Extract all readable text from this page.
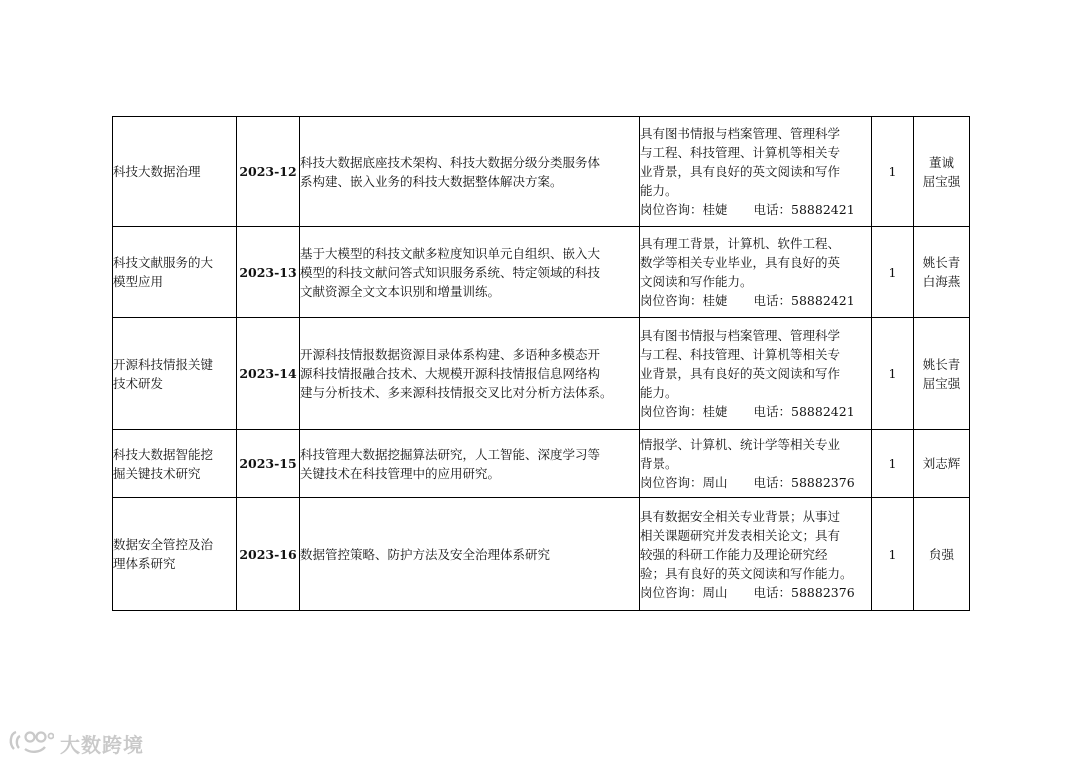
科技大数据治理	2023-12	科技大数据底座技术架构、科技大数据分级分类服务体
系构建、嵌入业务的科技大数据整体解决方案。	具有图书情报与档案管理、管理科学
与工程、科技管理、计算机等相关专
业背景，具有良好的英文阅读和写作
能力。
岗位咨询：桂婕 电话：58882421	1	董诚
屈宝强

科技文献服务的大
模型应用	2023-13	基于大模型的科技文献多粒度知识单元自组织、嵌入大
模型的科技文献问答式知识服务系统、特定领域的科技
文献资源全文文本识别和增量训练。	具有理工背景，计算机、软件工程、
数学等相关专业毕业，具有良好的英
文阅读和写作能力。
岗位咨询：桂婕 电话：58882421	1	姚长青
白海燕

开源科技情报关键
技术研发	2023-14	开源科技情报数据资源目录体系构建、多语种多模态开
源科技情报融合技术、大规模开源科技情报信息网络构
建与分析技术、多来源科技情报交叉比对分析方法体系。	具有图书情报与档案管理、管理科学
与工程、科技管理、计算机等相关专
业背景，具有良好的英文阅读和写作
能力。
岗位咨询：桂婕 电话：58882421	1	姚长青
屈宝强

科技大数据智能挖
掘关键技术研究	2023-15	科技管理大数据挖掘算法研究，人工智能、深度学习等
关键技术在科技管理中的应用研究。	情报学、计算机、统计学等相关专业
背景。
岗位咨询：周山 电话：58882376	1	刘志辉

数据安全管控及治
理体系研究	2023-16	数据管控策略、防护方法及安全治理体系研究	具有数据安全相关专业背景；从事过
相关课题研究并发表相关论文；具有
较强的科研工作能力及理论研究经
验；具有良好的英文阅读和写作能力。
岗位咨询：周山 电话：58882376	1	贠强
大数跨境
